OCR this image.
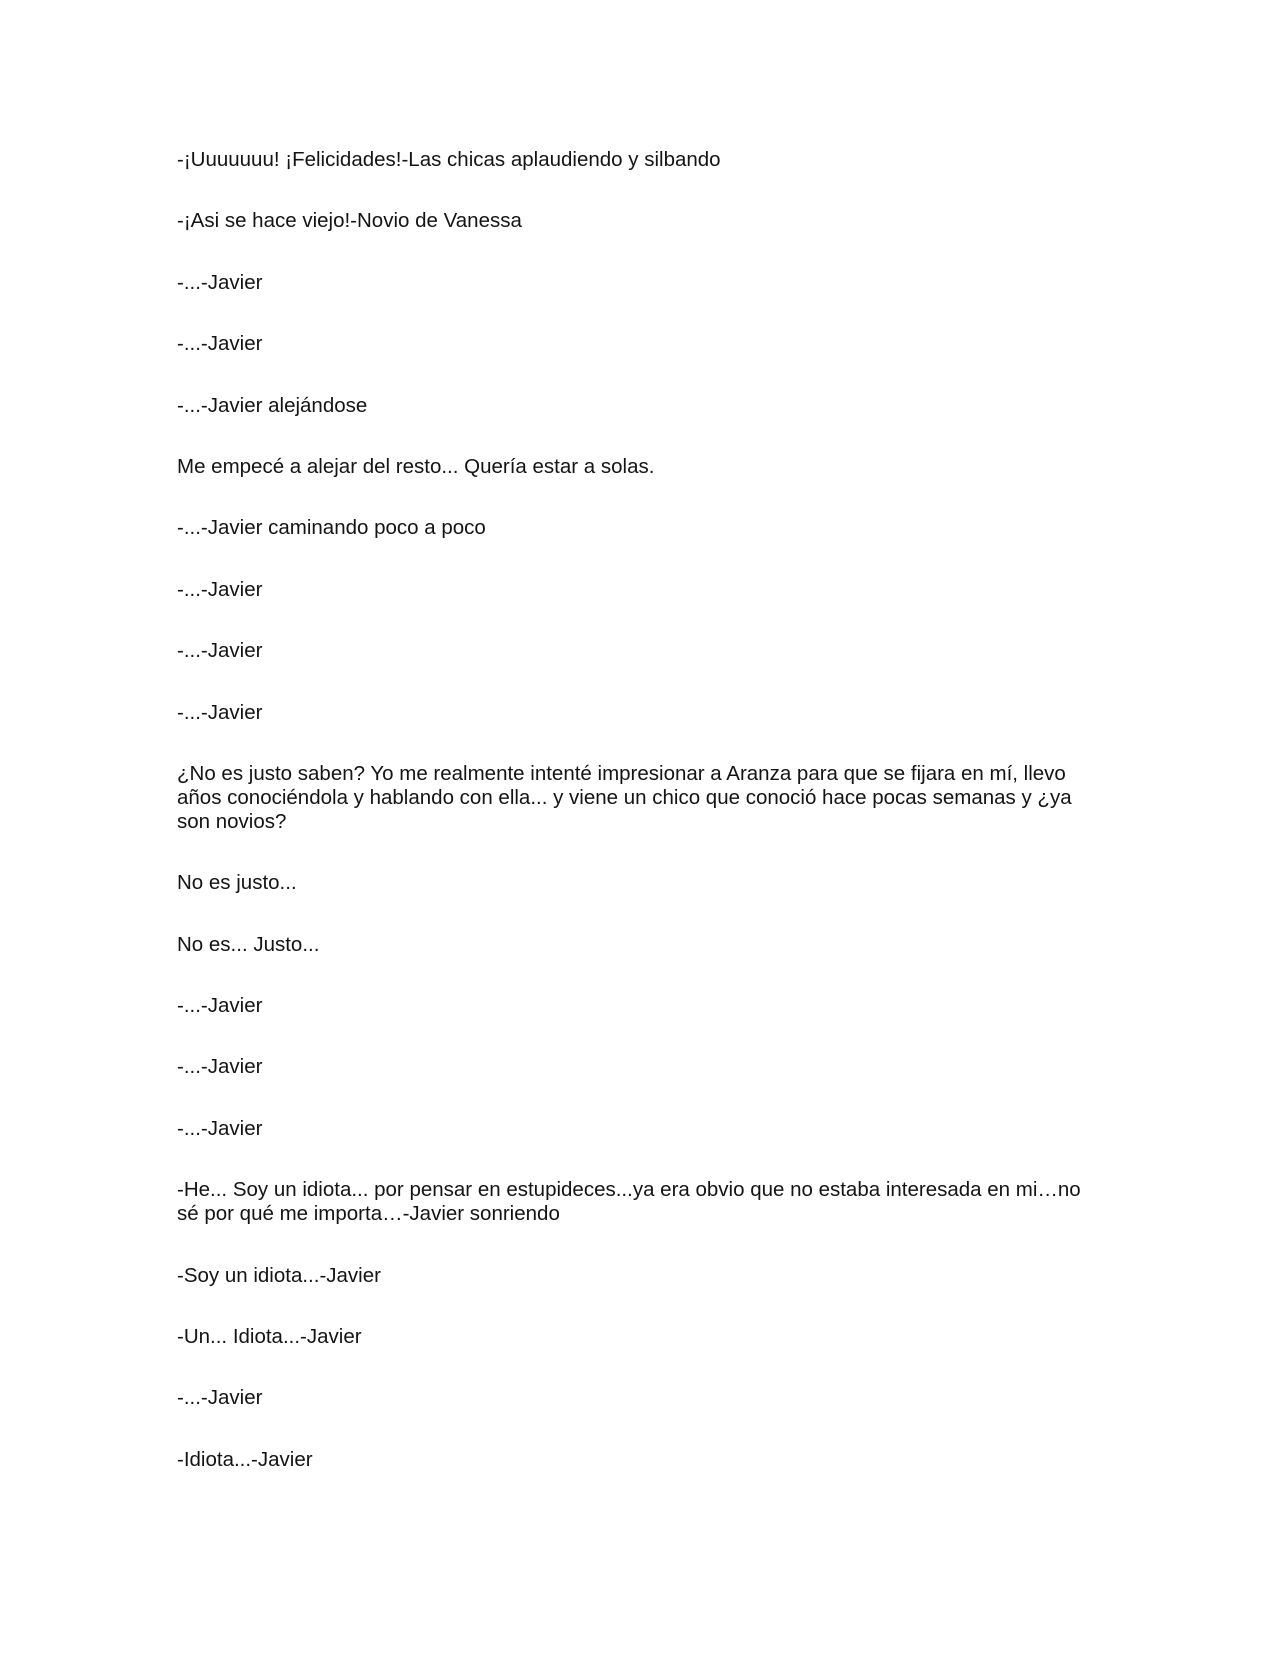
-¡Uuuuuuu! ¡Felicidades!-Las chicas aplaudiendo y silbando

-¡Asi se hace viejo!-Novio de Vanessa

-...-Javier

-...-Javier

-...-Javier alejándose

Me empecé a alejar del resto... Quería estar a solas.

-...-Javier caminando poco a poco

-...-Javier

-...-Javier

-...-Javier

¿No es justo saben? Yo me realmente intenté impresionar a Aranza para que se fijara en mí, llevo años conociéndola y hablando con ella... y viene un chico que conoció hace pocas semanas y ¿ya son novios?

No es justo...

No es... Justo...

-...-Javier

-...-Javier

-...-Javier

-He... Soy un idiota... por pensar en estupideces...ya era obvio que no estaba interesada en mi…no sé por qué me importa…-Javier sonriendo

-Soy un idiota...-Javier

-Un... Idiota...-Javier

-...-Javier

-Idiota...-Javier
